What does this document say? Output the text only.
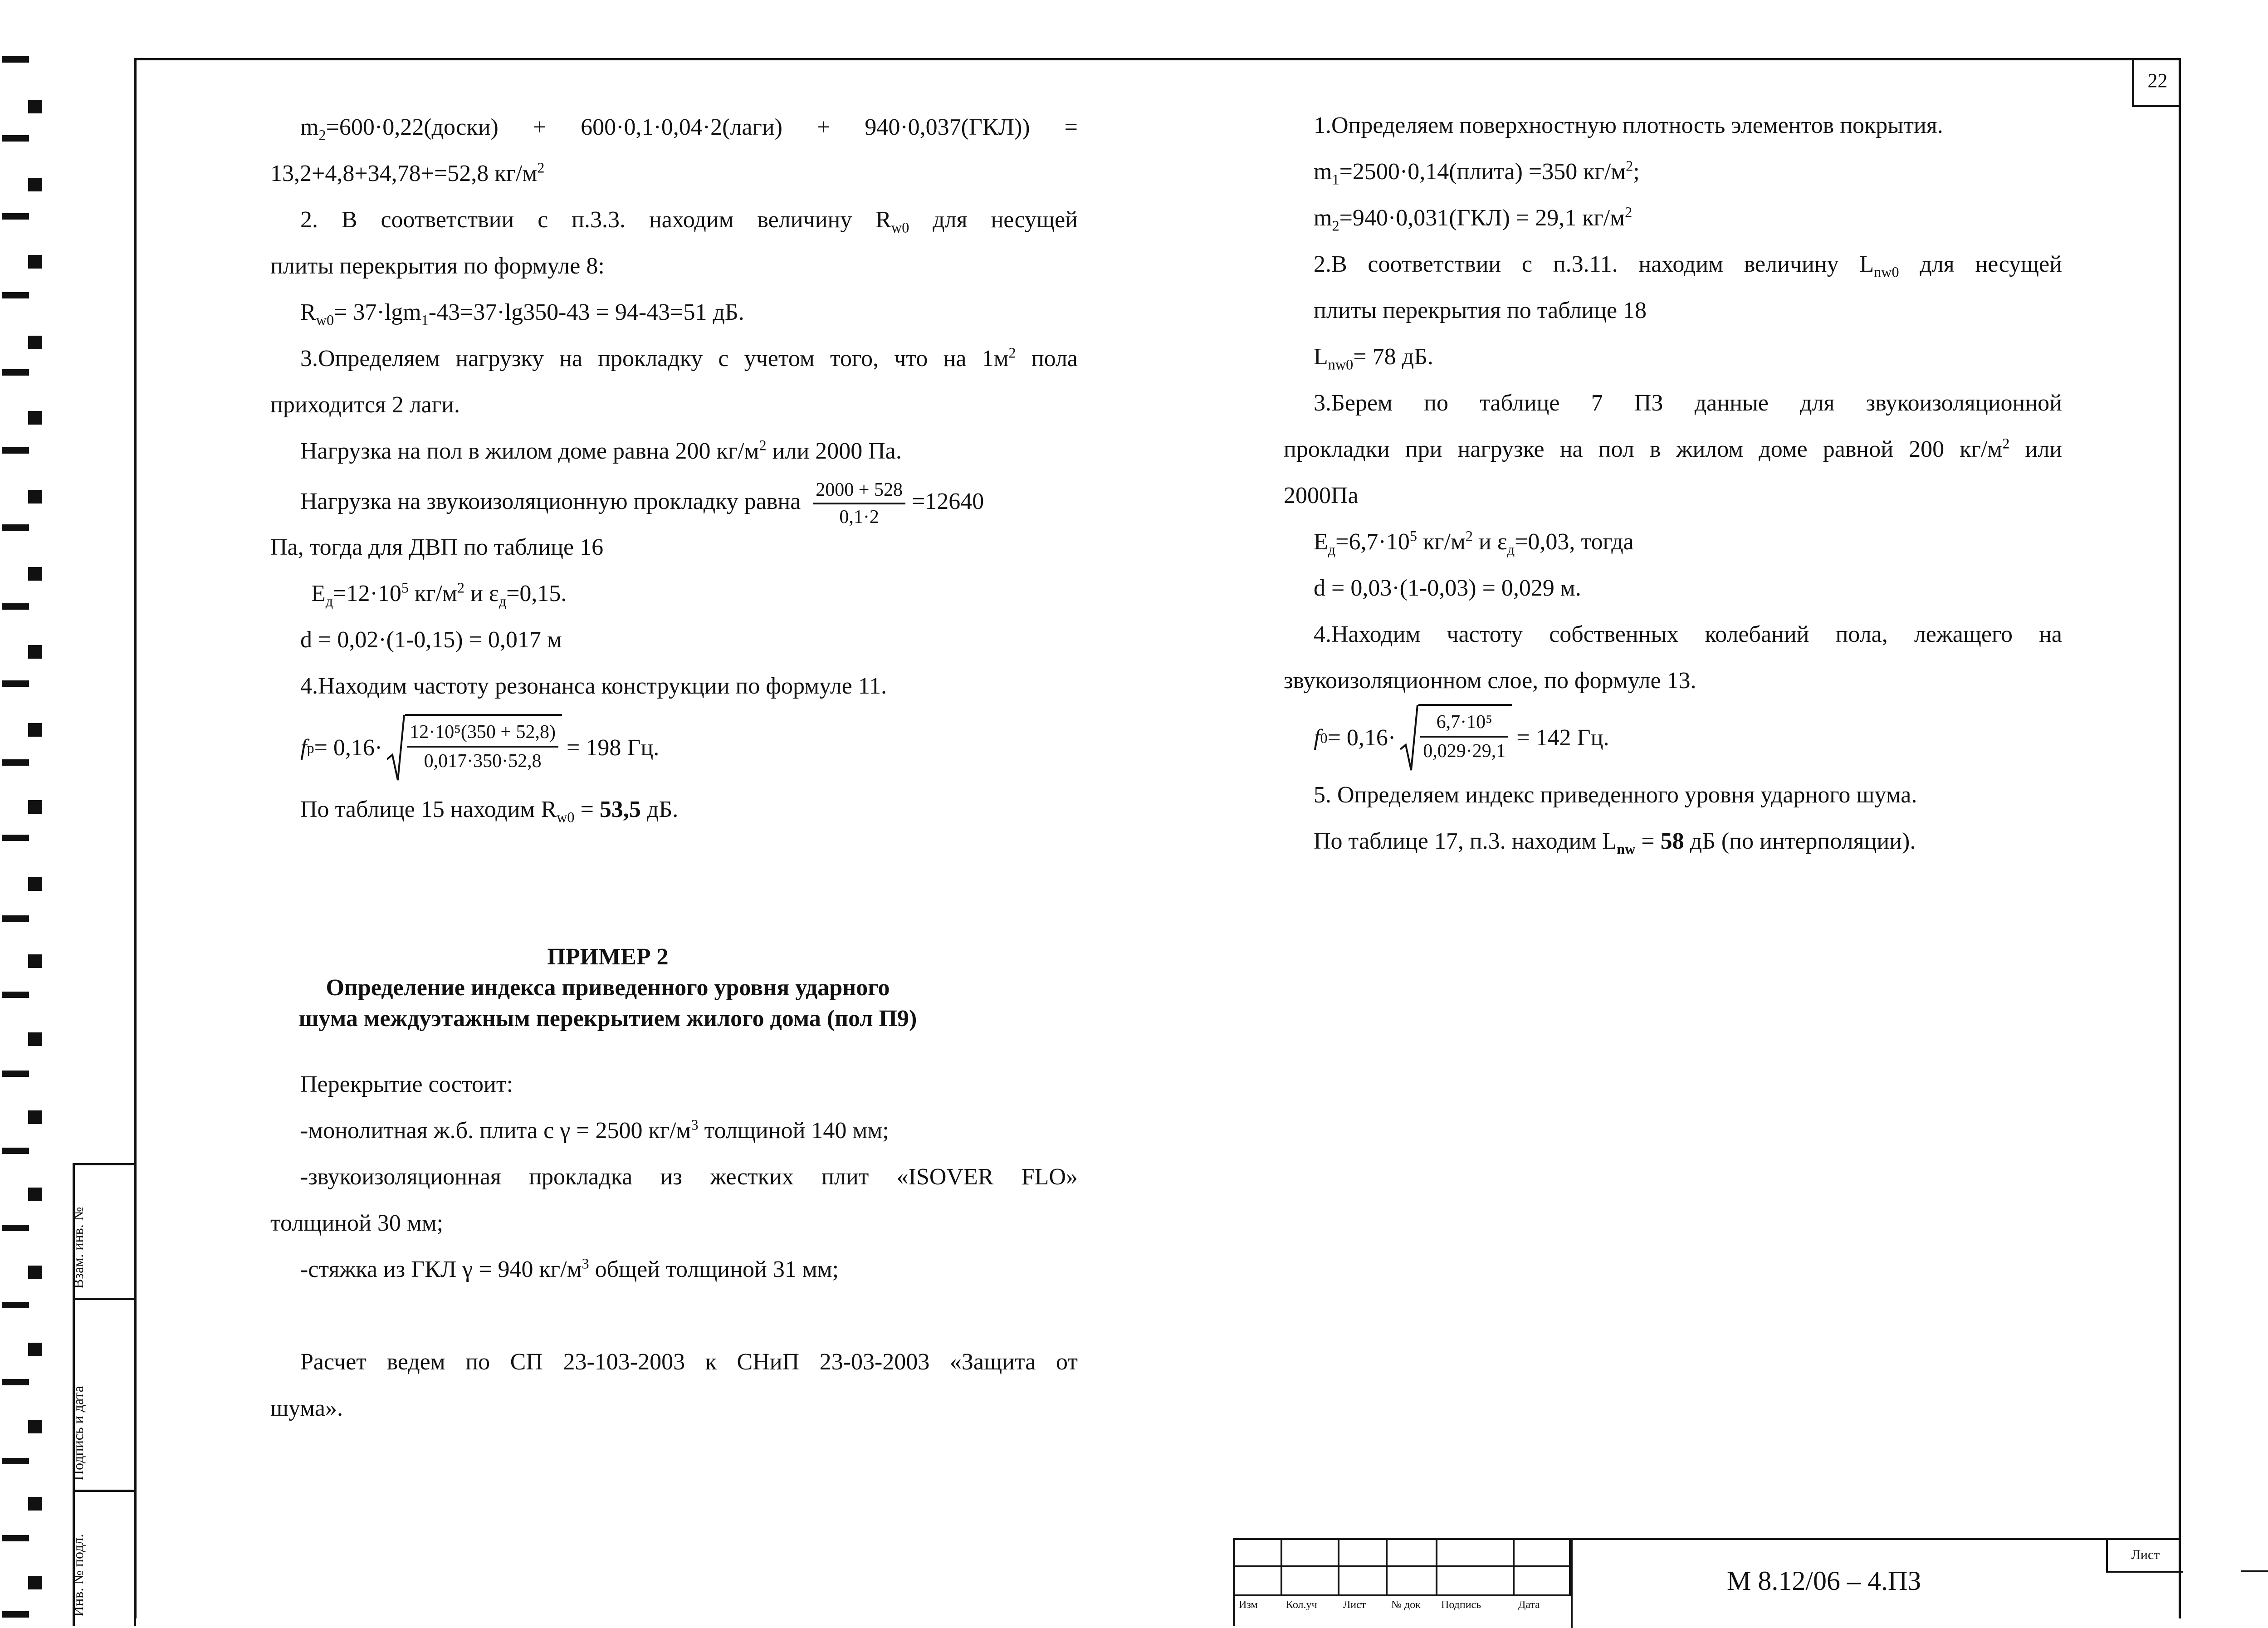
22

$m_2=600\cdot 0,22(доски)$ + 600·0,1·0,04·2(лаги) + 940·0,037(ГКЛ)) =

13,2+4,8+34,78+=52,8 $кг/м^2$

2. В соответствии с п.3.3. находим величину $R_{w0}$ для несущей

плиты перекрытия по формуле 8:

$R_{w0}= 37\cdot\lg m_1-43=37\cdot\lg 350-43 = 94-43=51$ дБ.

3.Определяем нагрузку на прокладку с учетом того, что на $1м^2$ пола

приходится 2 лаги.

Нагрузка на пол в жилом доме равна 200 $кг/м^2$ или 2000 Па.

Нагрузка на звукоизоляционную прокладку равна $\frac{2000 + 528}{0,1\cdot 2} =12640$

Па, тогда для ДВП по таблице 16

$E_д=12\cdot 10^5$ $кг/м^2$ и $\varepsilon_д=0,15$.

d = 0,02·(1-0,15) = 0,017 м

4.Находим частоту резонанса конструкции по формуле 11.

f $р = 0,16\cdot \frac{\text{12·10⁵(350 + 52,8)}}{0,017\cdot 350\cdot 52,8} = 198$ Гц.

По таблице 15 находим $R_{w0} = 53,5$ дБ.

ПРИМЕР 2
Определение индекса приведенного уровня ударного
шума междуэтажным перекрытием жилого дома (пол П9)

Перекрытие состоит:

-монолитная ж.б. плита с γ = 2500 $кг/м^3$ толщиной 140 мм;

-звукоизоляционная прокладка из жестких плит «ISOVER FLO»

толщиной 30 мм;

-стяжка из ГКЛ γ = 940 $кг/м^3$ общей толщиной 31 мм;

Расчет ведем по СП 23-103-2003 к СНиП 23-03-2003 «Защита от

шума».

1.Определяем поверхностную плотность элементов покрытия.

$m_1=2500\cdot 0,14(плита) =350$ $кг/м^2$;

$m_2=940\cdot 0,031(ГКЛ) = 29,1$ $кг/м^2$

2.В соответствии с п.3.11. находим величину $L_{nw0}$ для несущей

плиты перекрытия по таблице 18

$L_{nw0}= 78$ дБ.

3.Берем по таблице 7 ПЗ данные для звукоизоляционной

прокладки при нагрузке на пол в жилом доме равной 200 $кг/м^2$ или

2000Па

$E_д=6,7\cdot 10^5$ $кг/м^2$ и $\varepsilon_д=0,03$, тогда

d = 0,03·(1-0,03) = 0,029 м.

4.Находим частоту собственных колебаний пола, лежащего на

звукоизоляционном слое, по формуле 13.

f $0 = 0,16\cdot \frac{\text{6,7·10⁵}}{0,029\cdot 29,1} = 142$ Гц.

5. Определяем индекс приведенного уровня ударного шума.

По таблице 17, п.3. находим $L_{nw} = 58$ дБ (по интерполяции).

Взам. инв. №
Подпись и дата
Инв. № подл.	Изм	Кол.уч Лист № док Подпись	Дата
М 8.12/06 – 4.ПЗ
Лист
